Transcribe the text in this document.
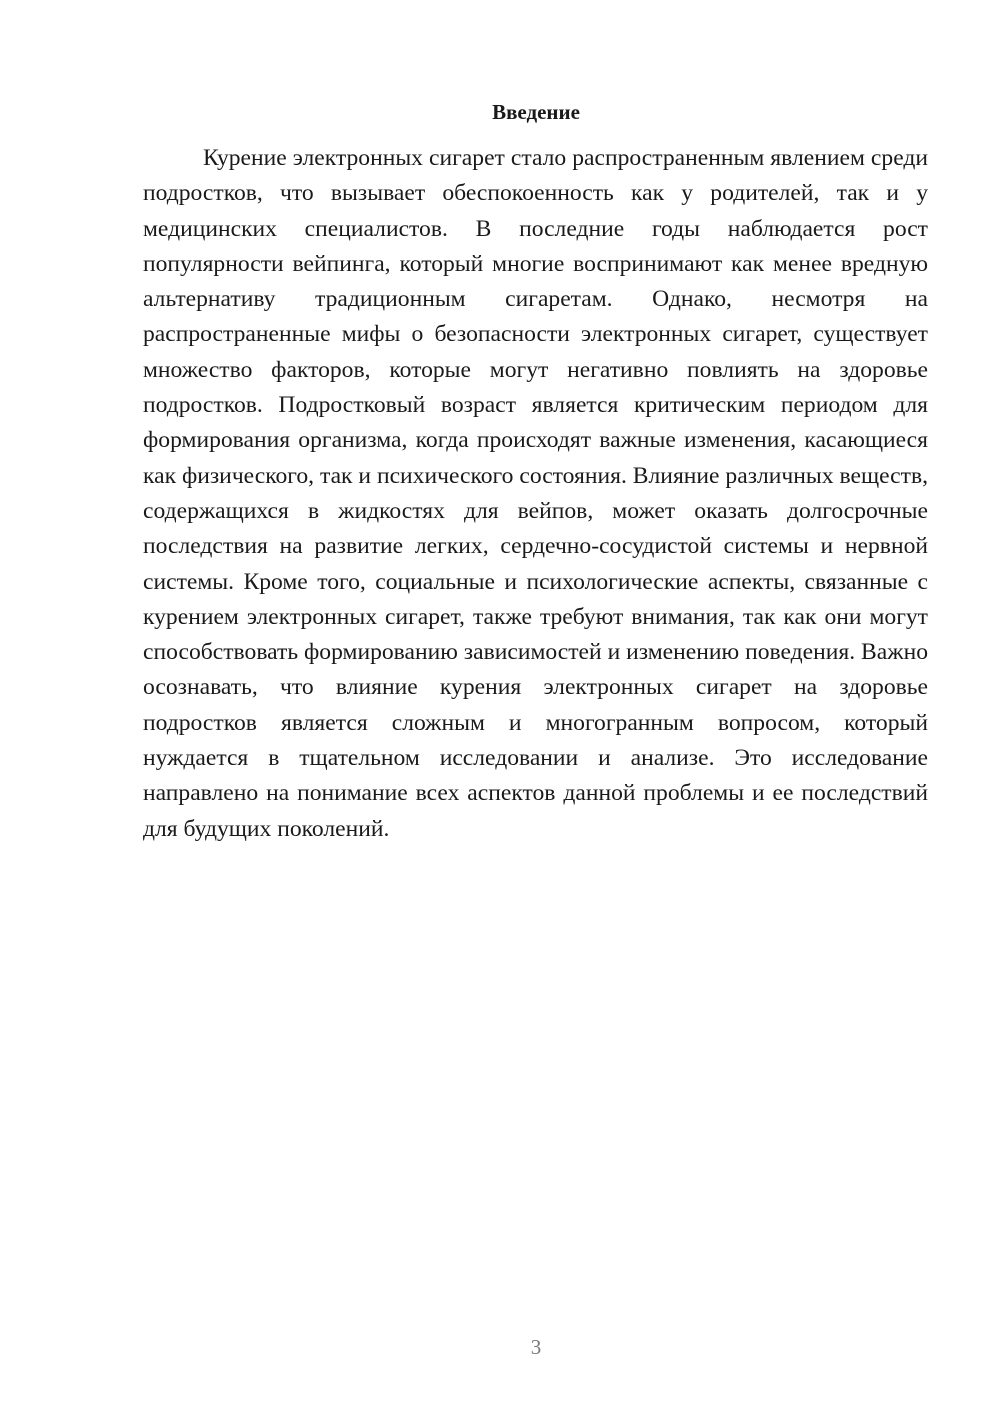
Введение

Курение электронных сигарет стало распространенным явлением среди подростков, что вызывает обеспокоенность как у родителей, так и у медицинских специалистов. В последние годы наблюдается рост популярности вейпинга, который многие воспринимают как менее вредную альтернативу традиционным сигаретам. Однако, несмотря на распространенные мифы о безопасности электронных сигарет, существует множество факторов, которые могут негативно повлиять на здоровье подростков. Подростковый возраст является критическим периодом для формирования организма, когда происходят важные изменения, касающиеся как физического, так и психического состояния. Влияние различных веществ, содержащихся в жидкостях для вейпов, может оказать долгосрочные последствия на развитие легких, сердечно-сосудистой системы и нервной системы. Кроме того, социальные и психологические аспекты, связанные с курением электронных сигарет, также требуют внимания, так как они могут способствовать формированию зависимостей и изменению поведения. Важно осознавать, что влияние курения электронных сигарет на здоровье подростков является сложным и многогранным вопросом, который нуждается в тщательном исследовании и анализе. Это исследование направлено на понимание всех аспектов данной проблемы и ее последствий для будущих поколений.

3
